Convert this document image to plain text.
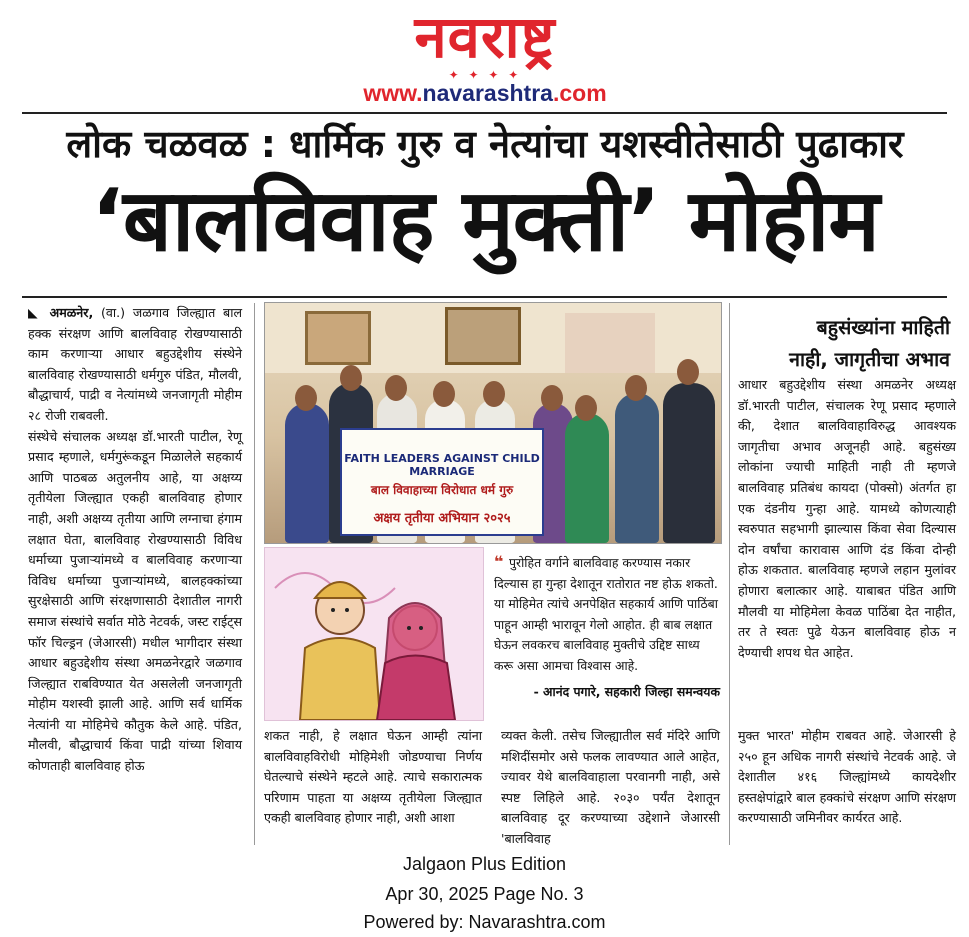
नवराष्ट्र
✦ ✦ ✦ ✦
www.navarashtra.com
लोक चळवळ : धार्मिक गुरु व नेत्यांचा यशस्वीतेसाठी पुढाकार
‘बालविवाह मुक्ती’ मोहीम

◣ अमळनेर, (वा.) जळगाव जिल्ह्यात बाल हक्क संरक्षण आणि बालविवाह रोखण्यासाठी काम करणाऱ्या आधार बहुउद्देशीय संस्थेने बालविवाह रोखण्यासाठी धर्मगुरु पंडित, मौलवी, बौद्धाचार्य, पाद्री व नेत्यांमध्ये जनजागृती मोहीम २८ रोजी राबवली.

संस्थेचे संचालक अध्यक्ष डॉ.भारती पाटील, रेणू प्रसाद म्हणाले, धर्मगुरूंकडून मिळालेले सहकार्य आणि पाठबळ अतुलनीय आहे, या अक्षय्य तृतीयेला जिल्ह्यात एकही बालविवाह होणार नाही, अशी अक्षय्य तृतीया आणि लग्नाचा हंगाम लक्षात घेता, बालविवाह रोखण्यासाठी विविध धर्माच्या पुजाऱ्यांमध्ये व बालविवाह करणाऱ्या विविध धर्माच्या पुजाऱ्यांमध्ये, बालहक्कांच्या सुरक्षेसाठी आणि संरक्षणासाठी देशातील नागरी समाज संस्थांचे सर्वात मोठे नेटवर्क, जस्ट राईट्स फॉर चिल्ड्रन (जेआरसी) मधील भागीदार संस्था आधार बहुउद्देशीय संस्था अमळनेरद्वारे जळगाव जिल्ह्यात राबविण्यात येत असलेली जनजागृती मोहीम यशस्वी झाली आहे. आणि सर्व धार्मिक नेत्यांनी या मोहिमेचे कौतुक केले आहे. पंडित, मौलवी, बौद्धाचार्य किंवा पाद्री यांच्या शिवाय कोणताही बालविवाह होऊ

FAITH LEADERS AGAINST CHILD MARRIAGE
बाल विवाहाच्या विरोधात धर्म गुरु
अक्षय तृतीया अभियान २०२५
❝ पुरोहित वर्गाने बालविवाह करण्यास नकार दिल्यास हा गुन्हा देशातून रातोरात नष्ट होऊ शकतो. या मोहिमेत त्यांचे अनपेक्षित सहकार्य आणि पाठिंबा पाहून आम्ही भारावून गेलो आहोत. ही बाब लक्षात घेऊन लवकरच बालविवाह मुक्तीचे उद्दिष्ट साध्य करू असा आमचा विश्वास आहे.
- आनंद पगारे, सहकारी जिल्हा समन्वयक
शकत नाही, हे लक्षात घेऊन आम्ही त्यांना बालविवाहविरोधी मोहिमेशी जोडण्याचा निर्णय घेतल्याचे संस्थेने म्हटले आहे. त्याचे सकारात्मक परिणाम पाहता या अक्षय्य तृतीयेला जिल्ह्यात एकही बालविवाह होणार नाही, अशी आशा
व्यक्त केली. तसेच जिल्ह्यातील सर्व मंदिरे आणि मशिदींसमोर असे फलक लावण्यात आले आहेत, ज्यावर येथे बालविवाहाला परवानगी नाही, असे स्पष्ट लिहिले आहे. २०३० पर्यंत देशातून बालविवाह दूर करण्याच्या उद्देशाने जेआरसी 'बालविवाह
बहुसंख्यांना माहिती
नाही, जागृतीचा अभाव
आधार बहुउद्देशीय संस्था अमळनेर अध्यक्ष डॉ.भारती पाटील, संचालक रेणू प्रसाद म्हणाले की, देशात बालविवाहाविरुद्ध आवश्यक जागृतीचा अभाव अजूनही आहे. बहुसंख्य लोकांना ज्याची माहिती नाही ती म्हणजे बालविवाह प्रतिबंध कायदा (पोक्सो) अंतर्गत हा एक दंडनीय गुन्हा आहे. यामध्ये कोणत्याही स्वरुपात सहभागी झाल्यास किंवा सेवा दिल्यास दोन वर्षांचा कारावास आणि दंड किंवा दोन्ही होऊ शकतात. बालविवाह म्हणजे लहान मुलांवर होणारा बलात्कार आहे. याबाबत पंडित आणि मौलवी या मोहिमेला केवळ पाठिंबा देत नाहीत, तर ते स्वतः पुढे येऊन बालविवाह होऊ न देण्याची शपथ घेत आहेत.
मुक्त भारत' मोहीम राबवत आहे. जेआरसी हे २५० हून अधिक नागरी संस्थांचे नेटवर्क आहे. जे देशातील ४१६ जिल्ह्यांमध्ये कायदेशीर हस्तक्षेपांद्वारे बाल हक्कांचे संरक्षण आणि संरक्षण करण्यासाठी जमिनीवर कार्यरत आहे.
Jalgaon Plus Edition
Apr 30, 2025 Page No. 3
Powered by: Navarashtra.com
